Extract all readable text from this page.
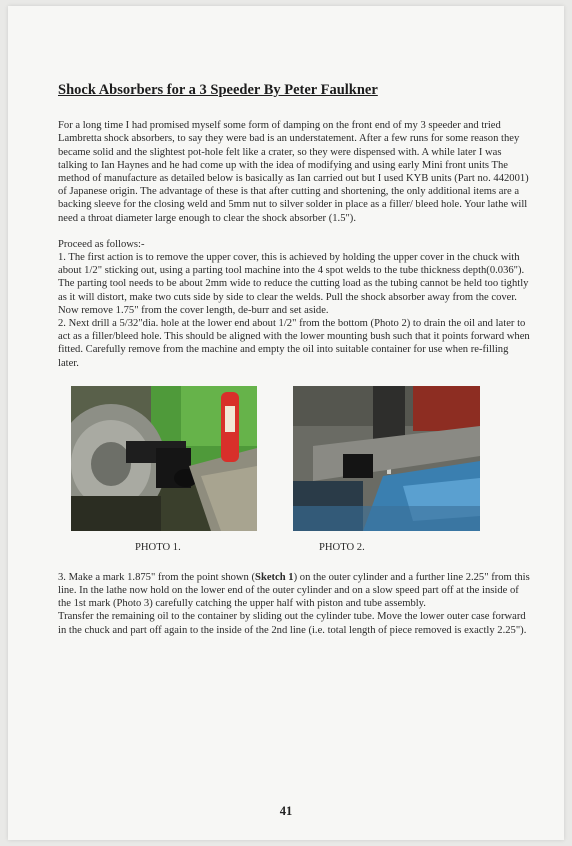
Shock Absorbers for a 3 Speeder By Peter Faulkner

For a long time I had promised myself some form of damping on the front end of my 3 speeder and tried Lambretta shock absorbers, to say they were bad is an understatement. After a few runs for some reason they became solid and the slightest pot-hole felt like a crater, so they were dispensed with. A while later I was talking to Ian Haynes and he had come up with the idea of modifying and using early Mini front units The method of manufacture as detailed below is basically as Ian carried out but I used KYB units (Part no. 442001) of Japanese origin. The advantage of these is that after cutting and shortening, the only additional items are a backing sleeve for the closing weld and 5mm nut to silver solder in place as a filler/ bleed hole. Your lathe will need a throat diameter large enough to clear the shock absorber (1.5").

Proceed as follows:-

1. The first action is to remove the upper cover, this is achieved by holding the upper cover in the chuck with about 1/2" sticking out, using a parting tool machine into the 4 spot welds to the tube thickness depth(0.036"). The parting tool needs to be about 2mm wide to reduce the cutting load as the tubing cannot be held too tightly as it will distort, make two cuts side by side to clear the welds. Pull the shock absorber away from the cover. Now remove 1.75" from the cover length, de-burr and set aside.

2. Next drill a 5/32"dia. hole at the lower end about 1/2" from the bottom (Photo 2) to drain the oil and later to act as a filler/bleed hole. This should be aligned with the lower mounting bush such that it points forward when fitted. Carefully remove from the machine and empty the oil into suitable container for use when re-filling later.

PHOTO 1.	PHOTO 2.

3. Make a mark 1.875" from the point shown (Sketch 1) on the outer cylinder and a further line 2.25" from this line. In the lathe now hold on the lower end of the outer cylinder and on a slow speed part off at the inside of the 1st mark (Photo 3) carefully catching the upper half with piston and tube assembly.

Transfer the remaining oil to the container by sliding out the cylinder tube. Move the lower outer case forward in the chuck and part off again to the inside of the 2nd line (i.e. total length of piece removed is exactly 2.25").

41
